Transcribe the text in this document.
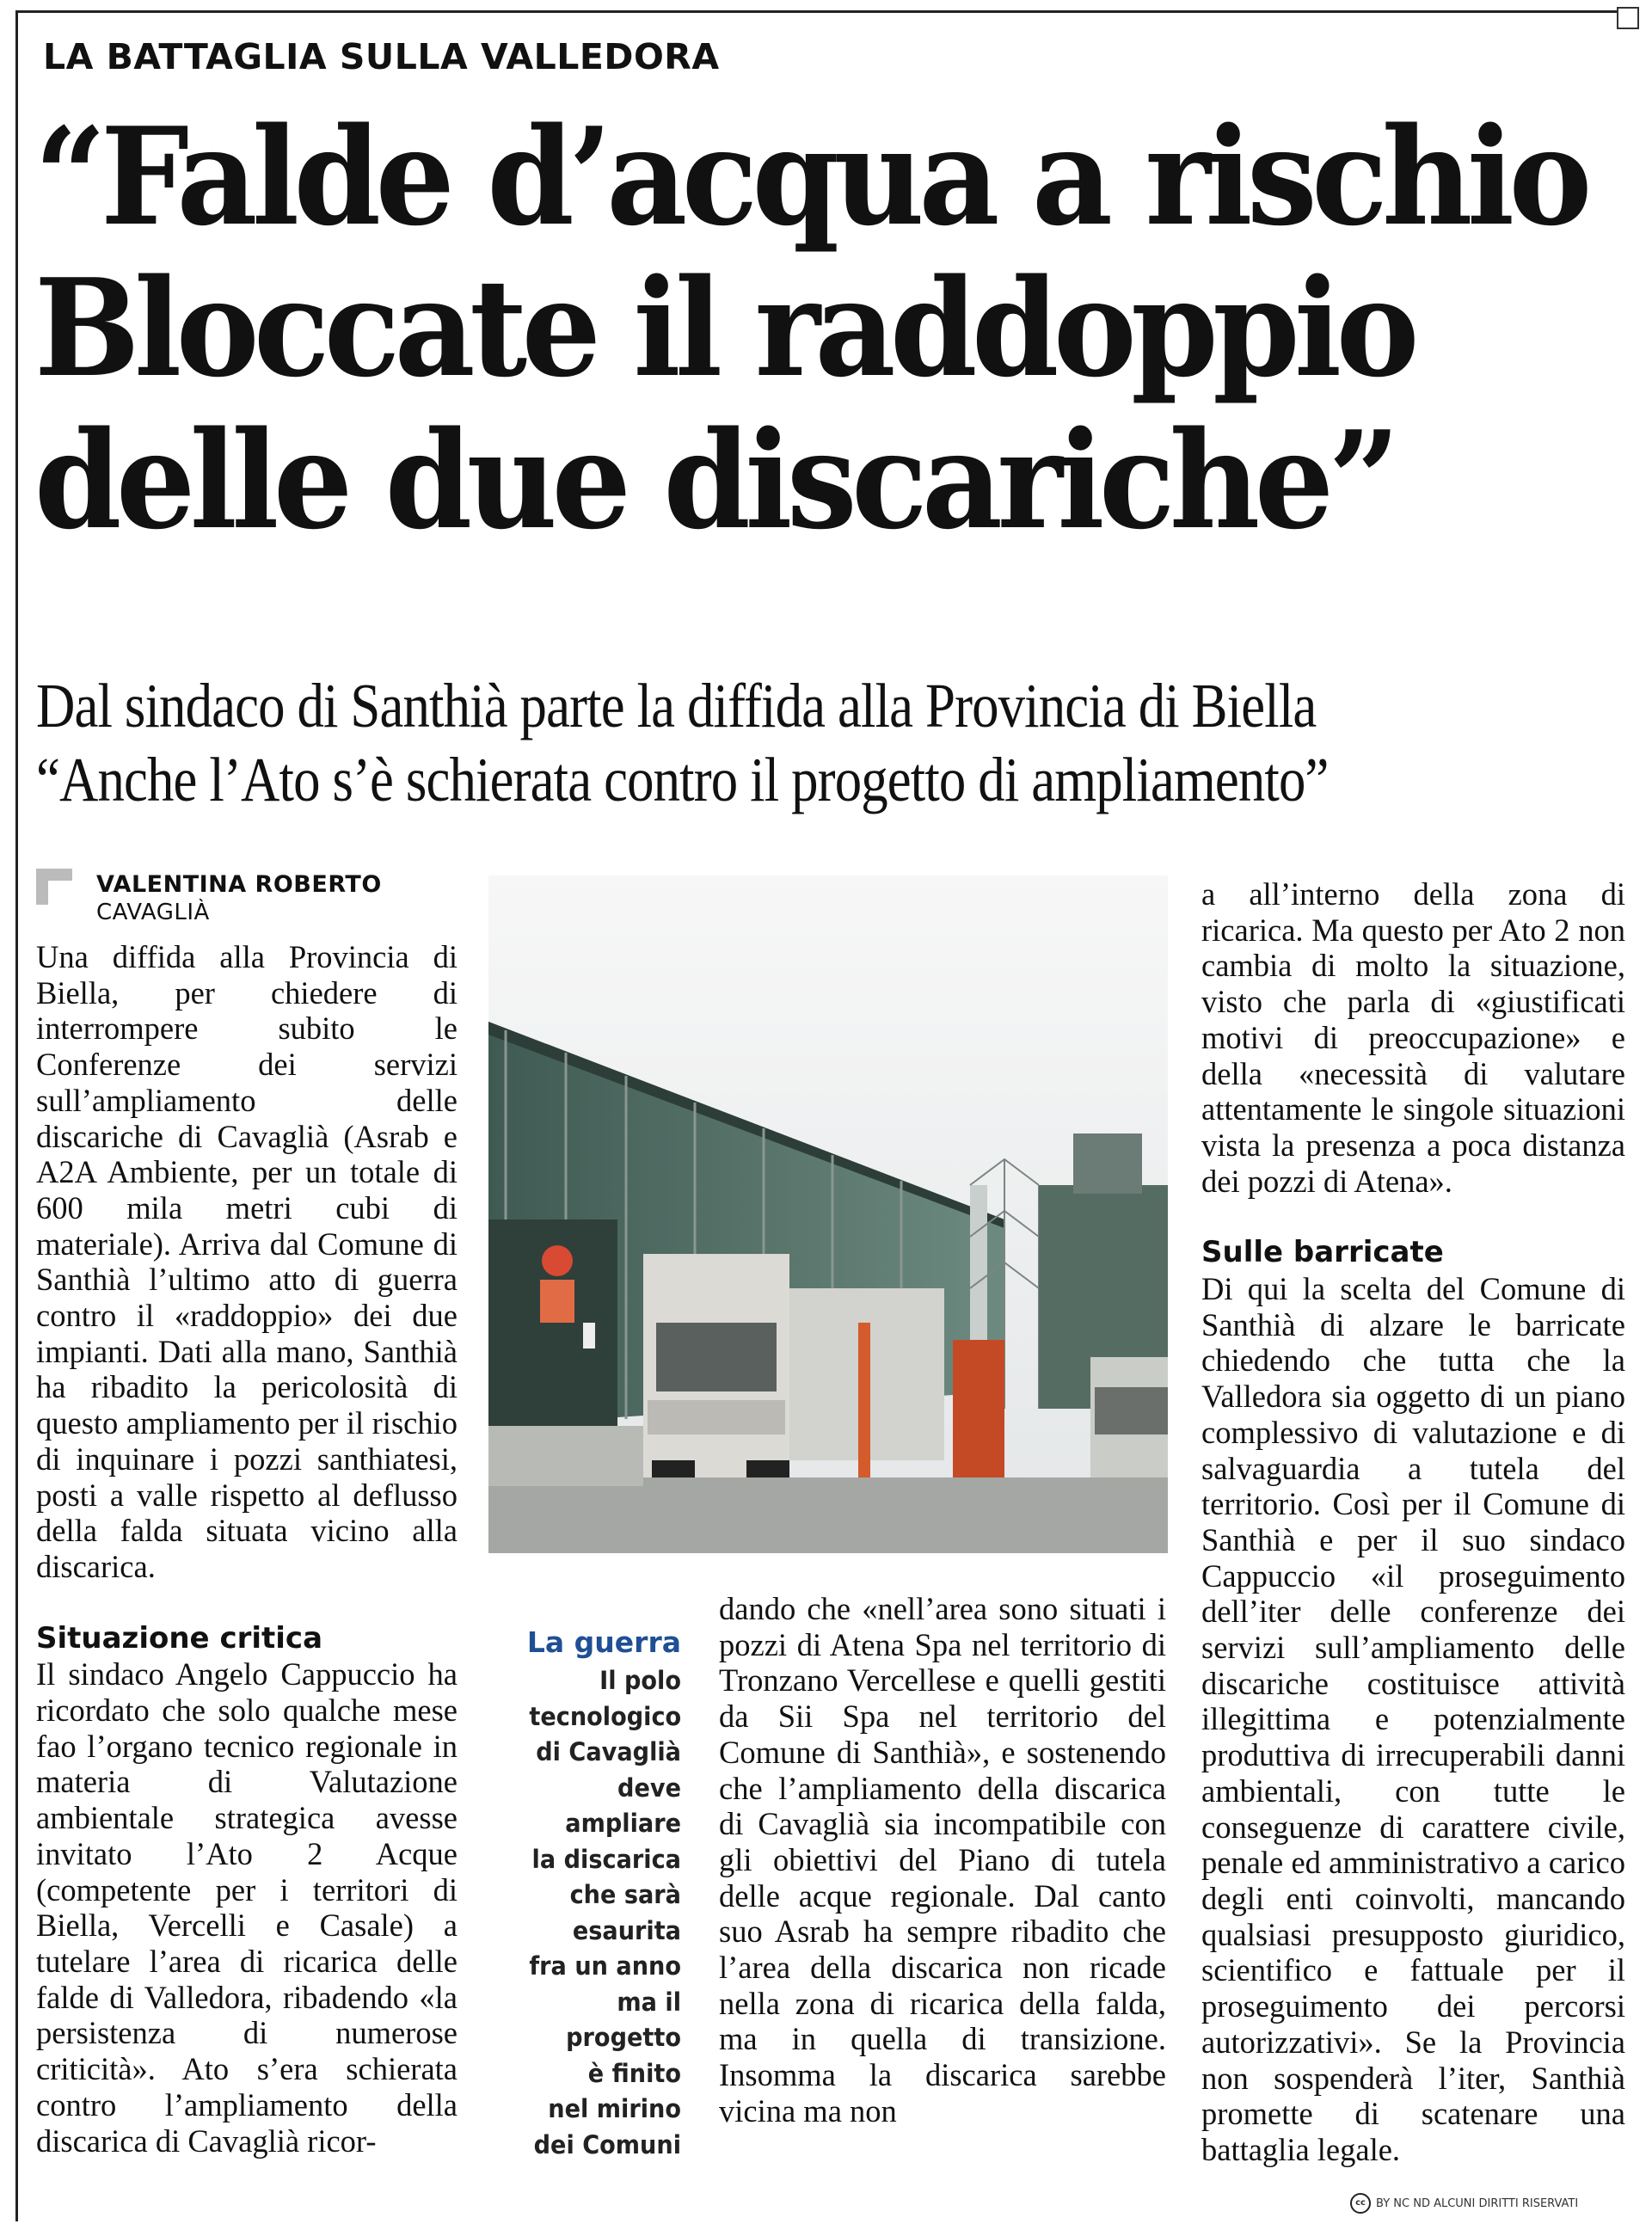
LA BATTAGLIA SULLA VALLEDORA
“Falde d’acqua a rischio
Bloccate il raddoppio
delle due discariche”
Dal sindaco di Santhià parte la diffida alla Provincia di Biella
“Anche l’Ato s’è schierata contro il progetto di ampliamento”
VALENTINA ROBERTO
CAVAGLIÀ

Una diffida alla Provincia di Biella, per chiedere di interrompere subito le Conferenze dei servizi sull’ampliamento delle discariche di Cavaglià (Asrab e A2A Ambiente, per un totale di 600 mila metri cubi di materiale). Arriva dal Comune di Santhià l’ultimo atto di guerra contro il «raddoppio» dei due impianti. Dati alla mano, Santhià ha ribadito la pericolosità di questo ampliamento per il rischio di inquinare i pozzi santhiatesi, posti a valle rispetto al deflusso della falda situata vicino alla discarica.

Situazione critica

Il sindaco Angelo Cappuccio ha ricordato che solo qualche mese fao l’organo tecnico regionale in materia di Valutazione ambientale strategica avesse invitato l’Ato 2 Acque (competente per i territori di Biella, Vercelli e Casale) a tutelare l’area di ricarica delle falde di Valledora, ribadendo «la persistenza di numerose criticità». Ato s’era schierata contro l’ampliamento della discarica di Cavaglià ricor-

La guerra
Il polo
tecnologico
di Cavaglià
deve
ampliare
la discarica
che sarà
esaurita
fra un anno
ma il
progetto
è finito
nel mirino
dei Comuni

dando che «nell’area sono situati i pozzi di Atena Spa nel territorio di Tronzano Vercellese e quelli gestiti da Sii Spa nel territorio del Comune di Santhià», e sostenendo che l’ampliamento della discarica di Cavaglià sia incompatibile con gli obiettivi del Piano di tutela delle acque regionale. Dal canto suo Asrab ha sempre ribadito che l’area della discarica non ricade nella zona di ricarica della falda, ma in quella di transizione. Insomma la discarica sarebbe vicina ma non

a all’interno della zona di ricarica. Ma questo per Ato 2 non cambia di molto la situazione, visto che parla di «giustificati motivi di preoccupazione» e della «necessità di valutare attentamente le singole situazioni vista la presenza a poca distanza dei pozzi di Atena».

Sulle barricate

Di qui la scelta del Comune di Santhià di alzare le barricate chiedendo che tutta che la Valledora sia oggetto di un piano complessivo di valutazione e di salvaguardia a tutela del territorio. Così per il Comune di Santhià e per il suo sindaco Cappuccio «il proseguimento dell’iter delle conferenze dei servizi sull’ampliamento delle discariche costituisce attività illegittima e potenzialmente produttiva di irrecuperabili danni ambientali, con tutte le conseguenze di carattere civile, penale ed amministrativo a carico degli enti coinvolti, mancando qualsiasi presupposto giuridico, scientifico e fattuale per il proseguimento dei percorsi autorizzativi». Se la Provincia non sospenderà l’iter, Santhià promette di scatenare una battaglia legale.

cc BY NC ND ALCUNI DIRITTI RISERVATI
